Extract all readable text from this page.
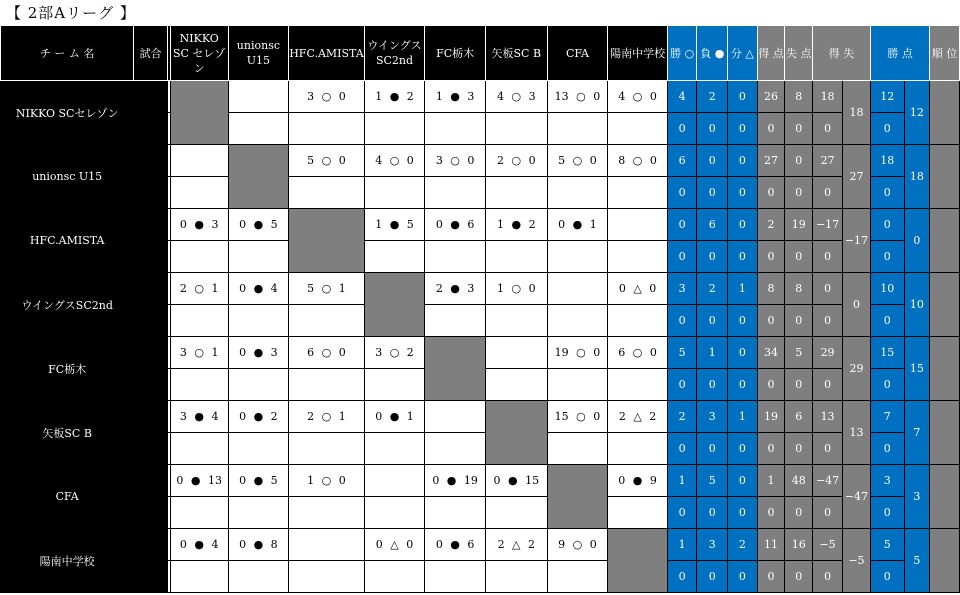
【 2部Aリーグ 】
チ ー ム 名	試合		NIKKO SC セレゾン	unionsc U15	HFC.AMISTA	ウイングス SC2nd	FC栃木	矢板SC B	CFA	陽南中学校	勝 ○	負 ●	分 △	得 点	失 点	得 失		勝 点		順 位
NIKKO SCセレゾン					3 ○ 0	1 ● 2	1 ● 3	4 ○ 3	13 ○ 0	4 ○ 0	4	2	0	26	8	18	18	12	12	
											0	0	0	0	0	0		0		
unionsc U15					5 ○ 0	4 ○ 0	3 ○ 0	2 ○ 0	5 ○ 0	8 ○ 0	6	0	0	27	0	27	27	18	18	
											0	0	0	0	0	0		0		
HFC.AMISTA			0 ● 3	0 ● 5		1 ● 5	0 ● 6	1 ● 2	0 ● 1		0	6	0	2	19	−17	−17	0	0	
											0	0	0	0	0	0		0		
ウイングスSC2nd			2 ○ 1	0 ● 4	5 ○ 1		2 ● 3	1 ○ 0		0 △ 0	3	2	1	8	8	0	0	10	10	
											0	0	0	0	0	0		0		
FC栃木			3 ○ 1	0 ● 3	6 ○ 0	3 ○ 2			19 ○ 0	6 ○ 0	5	1	0	34	5	29	29	15	15	
											0	0	0	0	0	0		0		
矢板SC B			3 ● 4	0 ● 2	2 ○ 1	0 ● 1			15 ○ 0	2 △ 2	2	3	1	19	6	13	13	7	7	
											0	0	0	0	0	0		0		
CFA			0 ● 13	0 ● 5	1 ○ 0		0 ● 19	0 ● 15		0 ● 9	1	5	0	1	48	−47	−47	3	3	
											0	0	0	0	0	0		0		
陽南中学校			0 ● 4	0 ● 8		0 △ 0	0 ● 6	2 △ 2	9 ○ 0		1	3	2	11	16	−5	−5	5	5	
											0	0	0	0	0	0		0		
